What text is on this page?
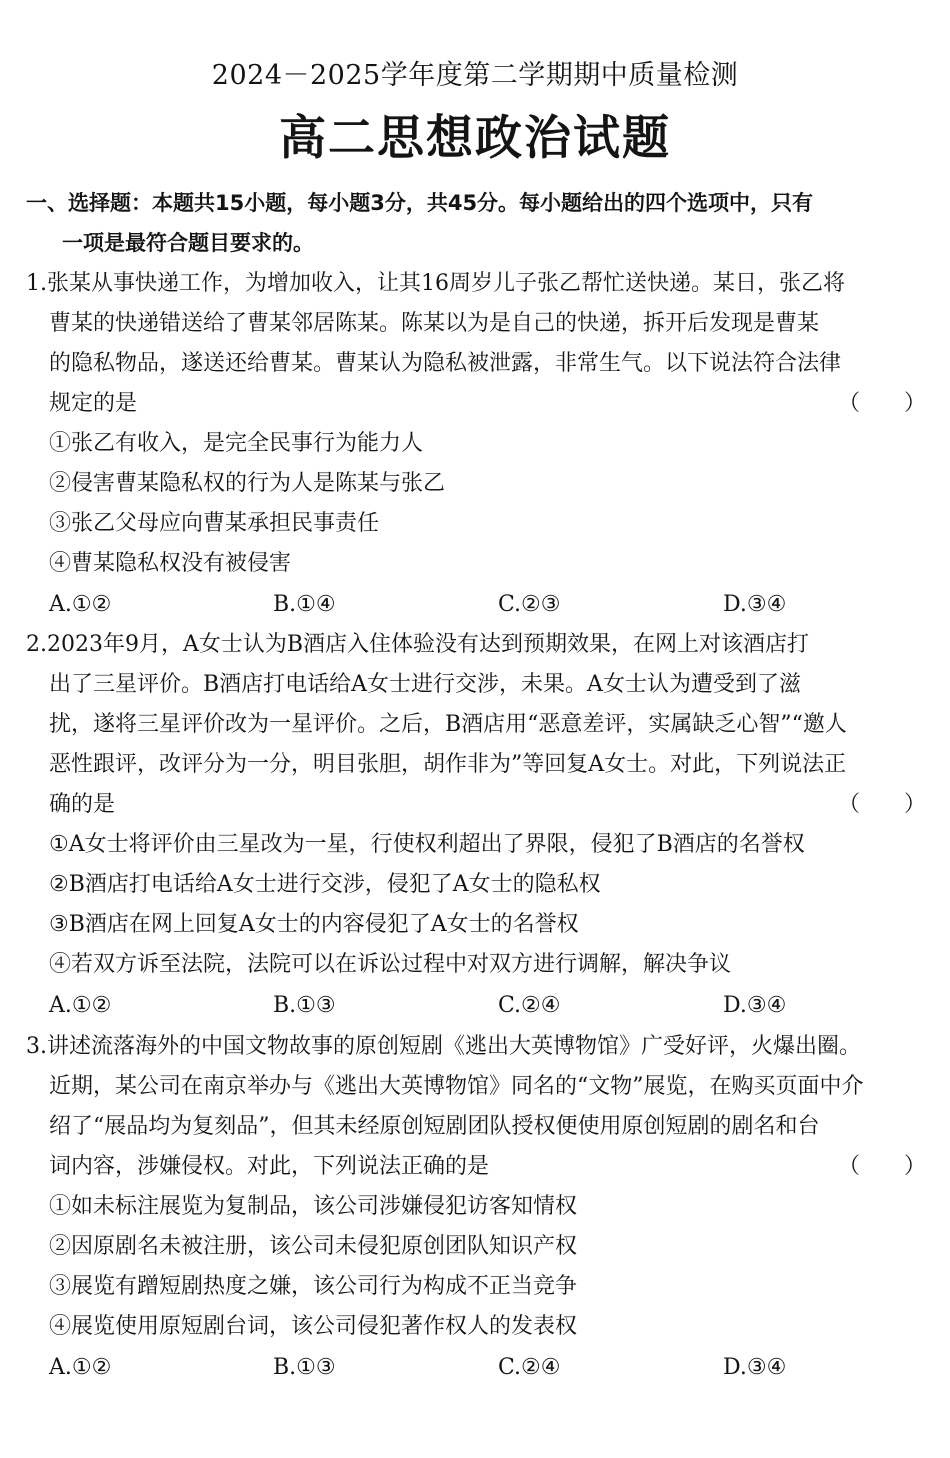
2024－2025学年度第二学期期中质量检测
高二思想政治试题
一、选择题：本题共15小题，每小题3分，共45分。每小题给出的四个选项中，只有
一项是最符合题目要求的。
1.张某从事快递工作，为增加收入，让其16周岁儿子张乙帮忙送快递。某日，张乙将
曹某的快递错送给了曹某邻居陈某。陈某以为是自己的快递，拆开后发现是曹某
的隐私物品，遂送还给曹某。曹某认为隐私被泄露，非常生气。以下说法符合法律
规定的是	（　　）
①张乙有收入，是完全民事行为能力人
②侵害曹某隐私权的行为人是陈某与张乙
③张乙父母应向曹某承担民事责任
④曹某隐私权没有被侵害
A.①②	B.①④	C.②③	D.③④
2.2023年9月，A女士认为B酒店入住体验没有达到预期效果，在网上对该酒店打
出了三星评价。B酒店打电话给A女士进行交涉，未果。A女士认为遭受到了滋
扰，遂将三星评价改为一星评价。之后，B酒店用“恶意差评，实属缺乏心智”“邀人
恶性跟评，改评分为一分，明目张胆，胡作非为”等回复A女士。对此，下列说法正
确的是	（　　）
①A女士将评价由三星改为一星，行使权利超出了界限，侵犯了B酒店的名誉权
②B酒店打电话给A女士进行交涉，侵犯了A女士的隐私权
③B酒店在网上回复A女士的内容侵犯了A女士的名誉权
④若双方诉至法院，法院可以在诉讼过程中对双方进行调解，解决争议
A.①②	B.①③	C.②④	D.③④
3.讲述流落海外的中国文物故事的原创短剧《逃出大英博物馆》广受好评，火爆出圈。
近期，某公司在南京举办与《逃出大英博物馆》同名的“文物”展览，在购买页面中介
绍了“展品均为复刻品”，但其未经原创短剧团队授权便使用原创短剧的剧名和台
词内容，涉嫌侵权。对此，下列说法正确的是	（　　）
①如未标注展览为复制品，该公司涉嫌侵犯访客知情权
②因原剧名未被注册，该公司未侵犯原创团队知识产权
③展览有蹭短剧热度之嫌，该公司行为构成不正当竞争
④展览使用原短剧台词，该公司侵犯著作权人的发表权
A.①②	B.①③	C.②④	D.③④
